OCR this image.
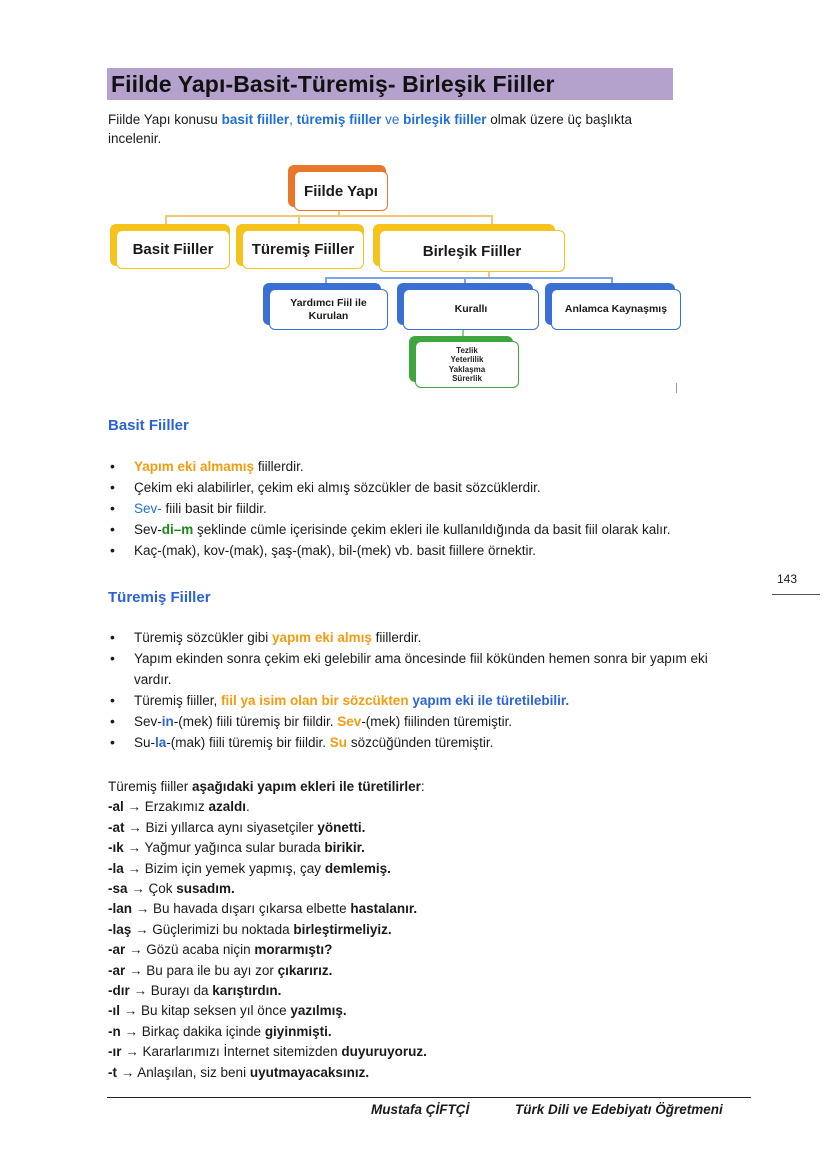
Fiilde Yapı-Basit-Türemiş- Birleşik Fiiller
Fiilde Yapı konusu basit fiiller, türemiş fiiller ve birleşik fiiller olmak üzere üç başlıkta incelenir.
Fiilde Yapı
Basit Fiiller	Türemiş Fiiller	Birleşik Fiiller
Yardımcı Fiil ile Kurulan
Kurallı	Anlamca Kaynaşmış
Tezlik
Yeterlilik
Yaklaşma
Sürerlik
Basit Fiiller
• Yapım eki almamış fiillerdir.
• Çekim eki alabilirler, çekim eki almış sözcükler de basit sözcüklerdir.
• Sev- fiili basit bir fiildir.
• Sev-di–m şeklinde cümle içerisinde çekim ekleri ile kullanıldığında da basit fiil olarak kalır.
• Kaç-(mak), kov-(mak), şaş-(mak), bil-(mek) vb. basit fiillere örnektir.
143
Türemiş Fiiller
• Türemiş sözcükler gibi yapım eki almış fiillerdir.
• Yapım ekinden sonra çekim eki gelebilir ama öncesinde fiil kökünden hemen sonra bir yapım eki vardır.
• Türemiş fiiller, fiil ya isim olan bir sözcükten yapım eki ile türetilebilir.
• Sev-in-(mek) fiili türemiş bir fiildir. Sev-(mek) fiilinden türemiştir.
• Su-la-(mak) fiili türemiş bir fiildir. Su sözcüğünden türemiştir.
Türemiş fiiller aşağıdaki yapım ekleri ile türetilirler:
-al → Erzakımız azaldı.
-at → Bizi yıllarca aynı siyasetçiler yönetti.
-ık → Yağmur yağınca sular burada birikir.
-la → Bizim için yemek yapmış, çay demlemiş.
-sa → Çok susadım.
-lan → Bu havada dışarı çıkarsa elbette hastalanır.
-laş → Güçlerimizi bu noktada birleştirmeliyiz.
-ar → Gözü acaba niçin morarmıştı?
-ar → Bu para ile bu ayı zor çıkarırız.
-dır → Burayı da karıştırdın.
-ıl → Bu kitap seksen yıl önce yazılmış.
-n → Birkaç dakika içinde giyinmişti.
-ır → Kararlarımızı İnternet sitemizden duyuruyoruz.
-t → Anlaşılan, siz beni uyutmayacaksınız.
Mustafa ÇİFTÇİ	Türk Dili ve Edebiyatı Öğretmeni
